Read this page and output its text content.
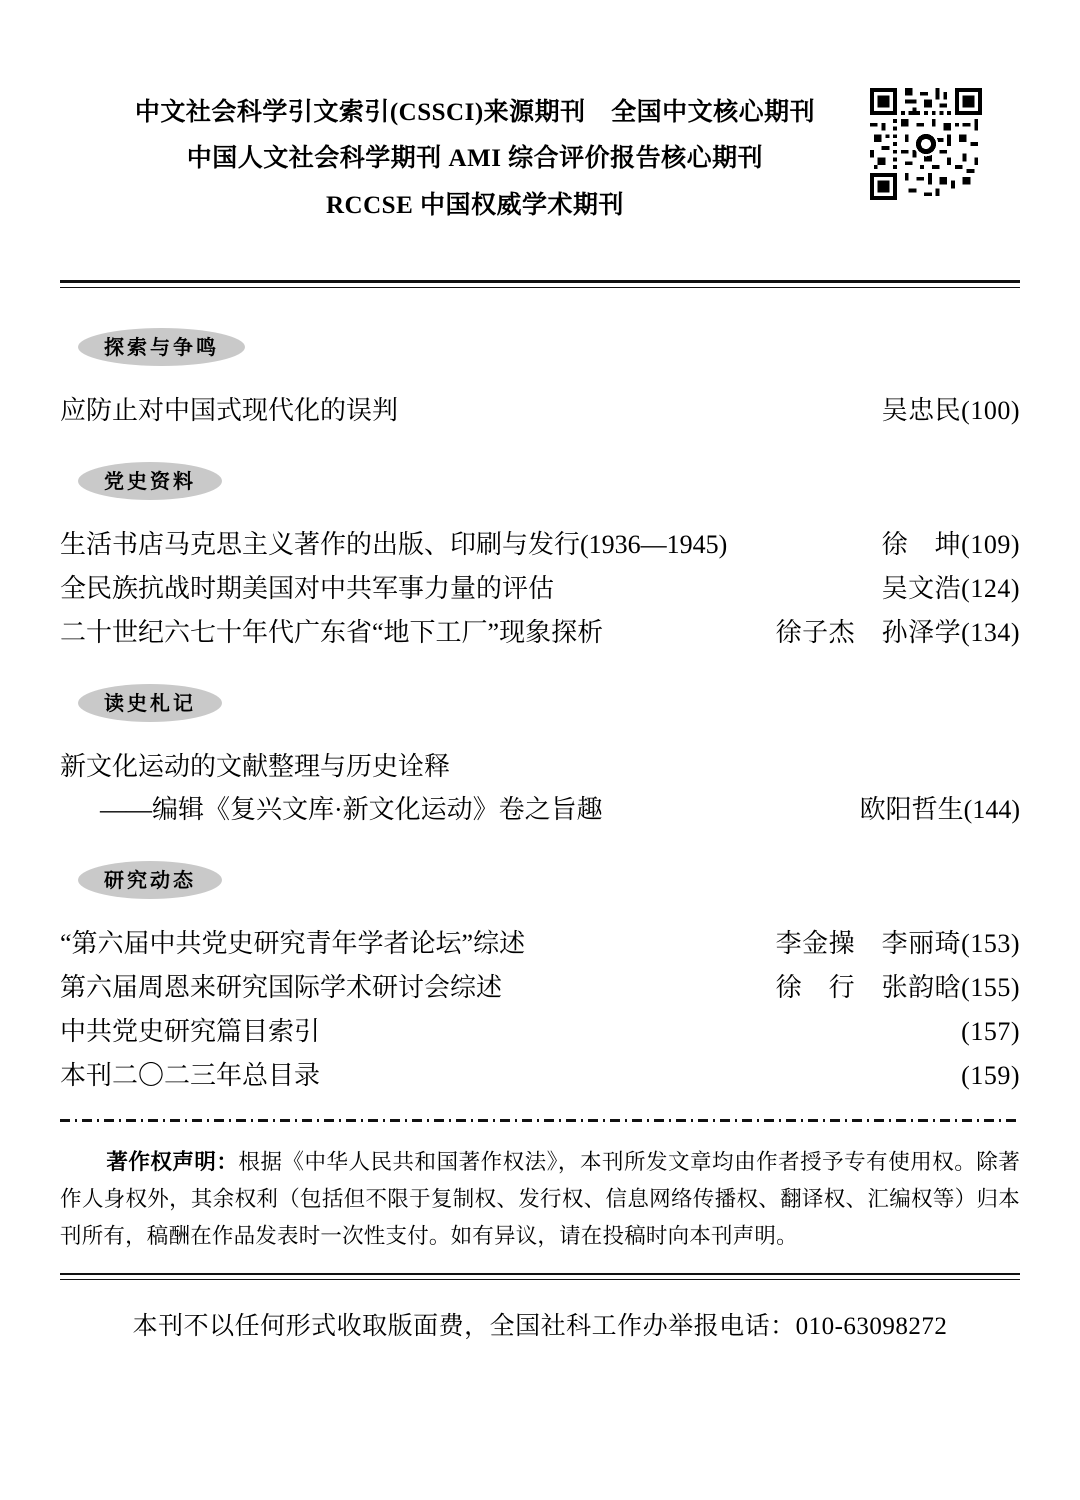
中文社会科学引文索引(CSSCI)来源期刊　全国中文核心期刊
中国人文社会科学期刊 AMI 综合评价报告核心期刊
RCCSE 中国权威学术期刊
探索与争鸣
应防止对中国式现代化的误判	吴忠民(100)
党史资料
生活书店马克思主义著作的出版、印刷与发行(1936—1945)	徐　坤(109)
全民族抗战时期美国对中共军事力量的评估	吴文浩(124)
二十世纪六七十年代广东省“地下工厂”现象探析	徐子杰　孙泽学(134)
读史札记
新文化运动的文献整理与历史诠释
——编辑《复兴文库·新文化运动》卷之旨趣	欧阳哲生(144)
研究动态
“第六届中共党史研究青年学者论坛”综述	李金操　李丽琦(153)
第六届周恩来研究国际学术研讨会综述	徐　行　张韵晗(155)
中共党史研究篇目索引	(157)
本刊二〇二三年总目录	(159)
著作权声明：根据《中华人民共和国著作权法》，本刊所发文章均由作者授予专有使用权。除著作人身权外，其余权利（包括但不限于复制权、发行权、信息网络传播权、翻译权、汇编权等）归本刊所有，稿酬在作品发表时一次性支付。如有异议，请在投稿时向本刊声明。
本刊不以任何形式收取版面费，全国社科工作办举报电话：010-63098272
